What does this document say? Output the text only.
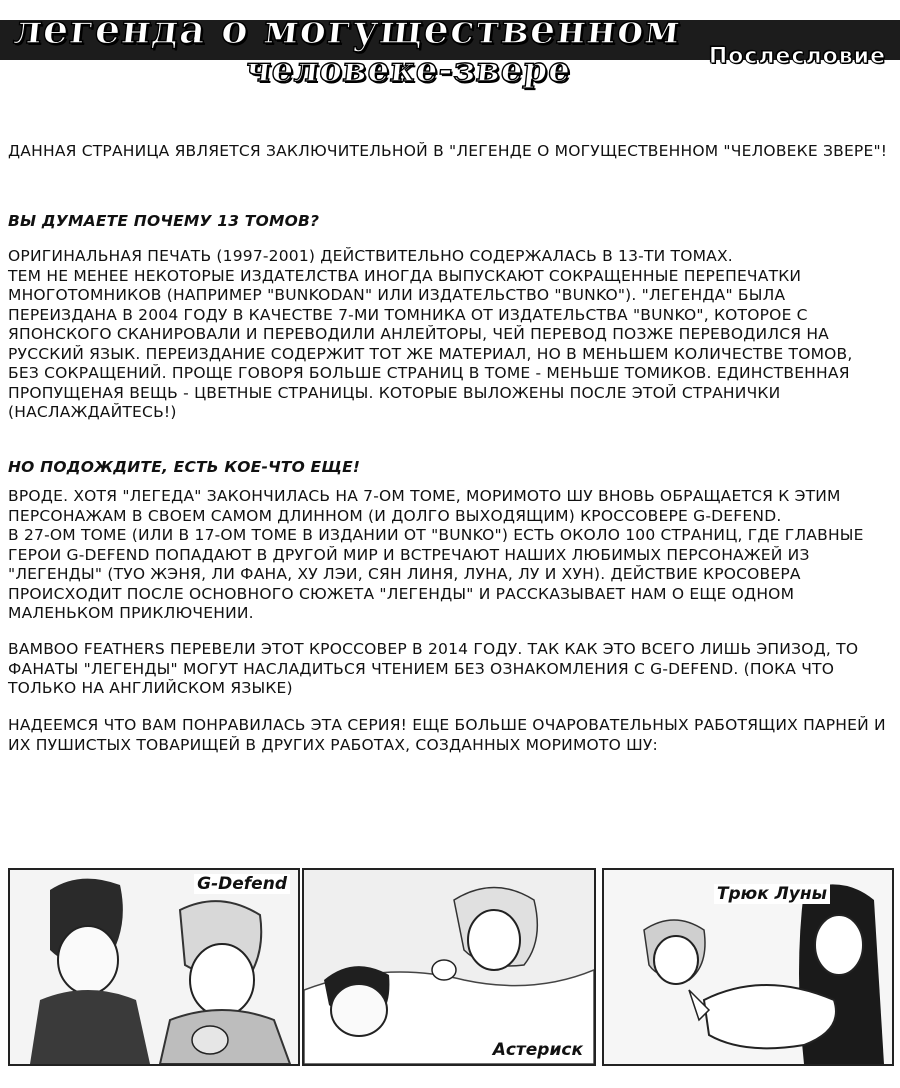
легенда о могущественном
человеке-звере	Послесловие

ДАННАЯ СТРАНИЦА ЯВЛЯЕТСЯ ЗАКЛЮЧИТЕЛЬНОЙ В "ЛЕГЕНДЕ О МОГУЩЕСТВЕННОМ "ЧЕЛОВЕКЕ ЗВЕРЕ"!

ВЫ ДУМАЕТЕ ПОЧЕМУ 13 ТОМОВ?

ОРИГИНАЛЬНАЯ ПЕЧАТЬ (1997-2001) ДЕЙСТВИТЕЛЬНО СОДЕРЖАЛАСЬ В 13-ТИ ТОМАХ.
ТЕМ НЕ МЕНЕЕ НЕКОТОРЫЕ ИЗДАТЕЛСТВА ИНОГДА ВЫПУСКАЮТ СОКРАЩЕННЫЕ ПЕРЕПЕЧАТКИ МНОГОТОМНИКОВ (НАПРИМЕР "BUNKODAN" ИЛИ ИЗДАТЕЛЬСТВО "BUNKO"). "ЛЕГЕНДА" БЫЛА ПЕРЕИЗДАНА В 2004 ГОДУ В КАЧЕСТВЕ 7-МИ ТОМНИКА ОТ ИЗДАТЕЛЬСТВА "BUNKO", КОТОРОЕ С ЯПОНСКОГО СКАНИРОВАЛИ И ПЕРЕВОДИЛИ АНЛЕЙТОРЫ, ЧЕЙ ПЕРЕВОД ПОЗЖЕ ПЕРЕВОДИЛСЯ НА РУССКИЙ ЯЗЫК. ПЕРЕИЗДАНИЕ СОДЕРЖИТ ТОТ ЖЕ МАТЕРИАЛ, НО В МЕНЬШЕМ КОЛИЧЕСТВЕ ТОМОВ, БЕЗ СОКРАЩЕНИЙ. ПРОЩЕ ГОВОРЯ БОЛЬШЕ СТРАНИЦ В ТОМЕ - МЕНЬШЕ ТОМИКОВ. ЕДИНСТВЕННАЯ ПРОПУЩЕНАЯ ВЕЩЬ - ЦВЕТНЫЕ СТРАНИЦЫ. КОТОРЫЕ ВЫЛОЖЕНЫ ПОСЛЕ ЭТОЙ СТРАНИЧКИ (НАСЛАЖДАЙТЕСЬ!)

НО ПОДОЖДИТЕ, ЕСТЬ КОЕ-ЧТО ЕЩЕ!

ВРОДЕ. ХОТЯ "ЛЕГЕДА" ЗАКОНЧИЛАСЬ НА 7-ОМ ТОМЕ, МОРИМОТО ШУ ВНОВЬ ОБРАЩАЕТСЯ К ЭТИМ ПЕРСОНАЖАМ В СВОЕМ САМОМ ДЛИННОМ (И ДОЛГО ВЫХОДЯЩИМ) КРОССОВЕРЕ G-DEFEND.
В 27-ОМ ТОМЕ (ИЛИ В 17-ОМ ТОМЕ В ИЗДАНИИ ОТ "BUNKO") ЕСТЬ ОКОЛО 100 СТРАНИЦ, ГДЕ ГЛАВНЫЕ ГЕРОИ G-DEFEND ПОПАДАЮТ В ДРУГОЙ МИР И ВСТРЕЧАЮТ НАШИХ ЛЮБИМЫХ ПЕРСОНАЖЕЙ ИЗ "ЛЕГЕНДЫ" (ТУО ЖЭНЯ, ЛИ ФАНА, ХУ ЛЭИ, СЯН ЛИНЯ, ЛУНА, ЛУ И ХУН). ДЕЙСТВИЕ КРОСОВЕРА ПРОИСХОДИТ ПОСЛЕ ОСНОВНОГО СЮЖЕТА "ЛЕГЕНДЫ" И РАССКАЗЫВАЕТ НАМ О ЕЩЕ ОДНОМ МАЛЕНЬКОМ ПРИКЛЮЧЕНИИ.

BAMBOO FEATHERS ПЕРЕВЕЛИ ЭТОТ КРОССОВЕР В 2014 ГОДУ. ТАК КАК ЭТО ВСЕГО ЛИШЬ ЭПИЗОД, ТО ФАНАТЫ "ЛЕГЕНДЫ" МОГУТ НАСЛАДИТЬСЯ ЧТЕНИЕМ БЕЗ ОЗНАКОМЛЕНИЯ С G-DEFEND. (ПОКА ЧТО ТОЛЬКО НА АНГЛИЙСКОМ ЯЗЫКЕ)

НАДЕЕМСЯ ЧТО ВАМ ПОНРАВИЛАСЬ ЭТА СЕРИЯ! ЕЩЕ БОЛЬШЕ ОЧАРОВАТЕЛЬНЫХ РАБОТЯЩИХ ПАРНЕЙ И ИХ ПУШИСТЫХ ТОВАРИЩЕЙ В ДРУГИХ РАБОТАХ, СОЗДАННЫХ МОРИМОТО ШУ:

G-Defend
Астериск
Трюк Луны
